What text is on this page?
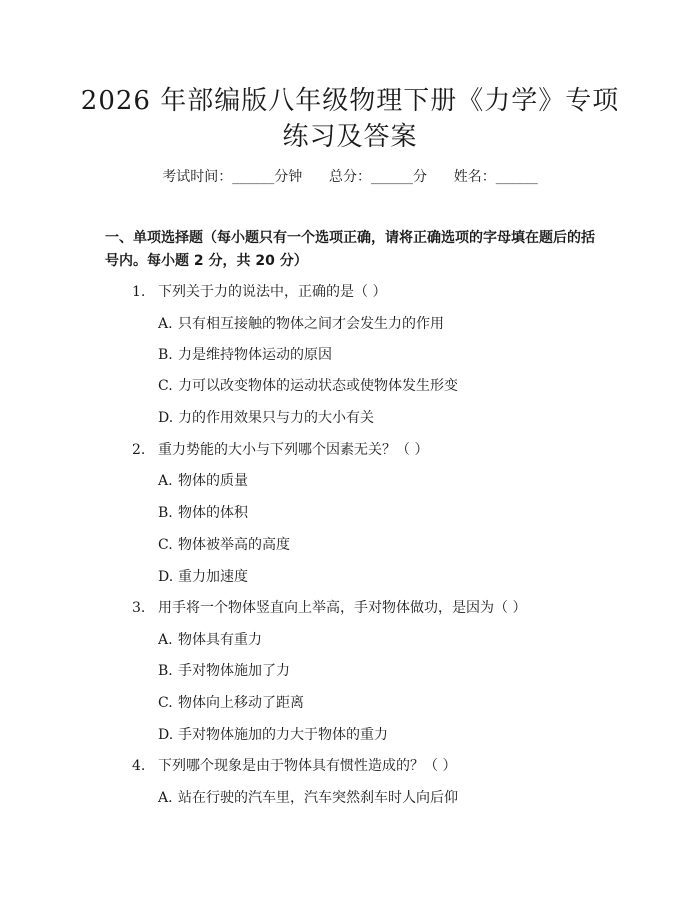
2026 年部编版八年级物理下册《力学》专项
练习及答案
考试时间：______分钟      总分：______分      姓名：______
一、单项选择题（每小题只有一个选项正确，请将正确选项的字母填在题后的括
号内。每小题 2 分，共 20 分）
1. 下列关于力的说法中，正确的是（ ）
A. 只有相互接触的物体之间才会发生力的作用
B. 力是维持物体运动的原因
C. 力可以改变物体的运动状态或使物体发生形变
D. 力的作用效果只与力的大小有关
2. 重力势能的大小与下列哪个因素无关？（ ）
A. 物体的质量
B. 物体的体积
C. 物体被举高的高度
D. 重力加速度
3. 用手将一个物体竖直向上举高，手对物体做功，是因为（ ）
A. 物体具有重力
B. 手对物体施加了力
C. 物体向上移动了距离
D. 手对物体施加的力大于物体的重力
4. 下列哪个现象是由于物体具有惯性造成的？（ ）
A. 站在行驶的汽车里，汽车突然刹车时人向后仰
